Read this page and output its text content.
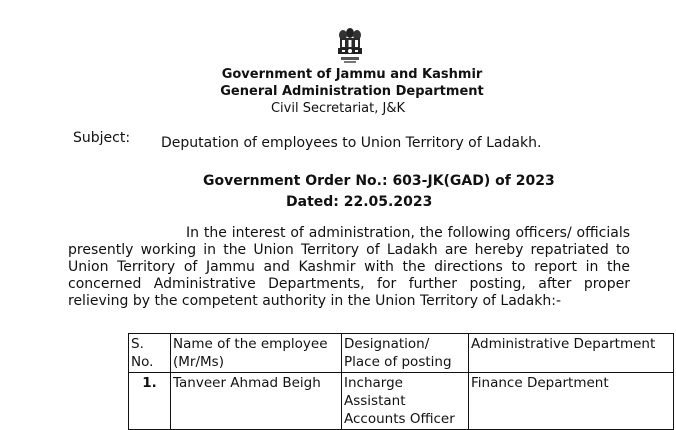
Government of Jammu and Kashmir
General Administration Department
Civil Secretariat, J&K
Subject: Deputation of employees to Union Territory of Ladakh.
Government Order No.: 603-JK(GAD) of 2023
Dated: 22.05.2023
In the interest of administration, the following officers/ officials presently working in the Union Territory of Ladakh are hereby repatriated to Union Territory of Jammu and Kashmir with the directions to report in the concerned Administrative Departments, for further posting, after proper relieving by the competent authority in the Union Territory of Ladakh:-
S. No.	Name of the employee (Mr/Ms)	Designation/ Place of posting	Administrative Department
1.	Tanveer Ahmad Beigh	Incharge Assistant Accounts Officer	Finance Department
